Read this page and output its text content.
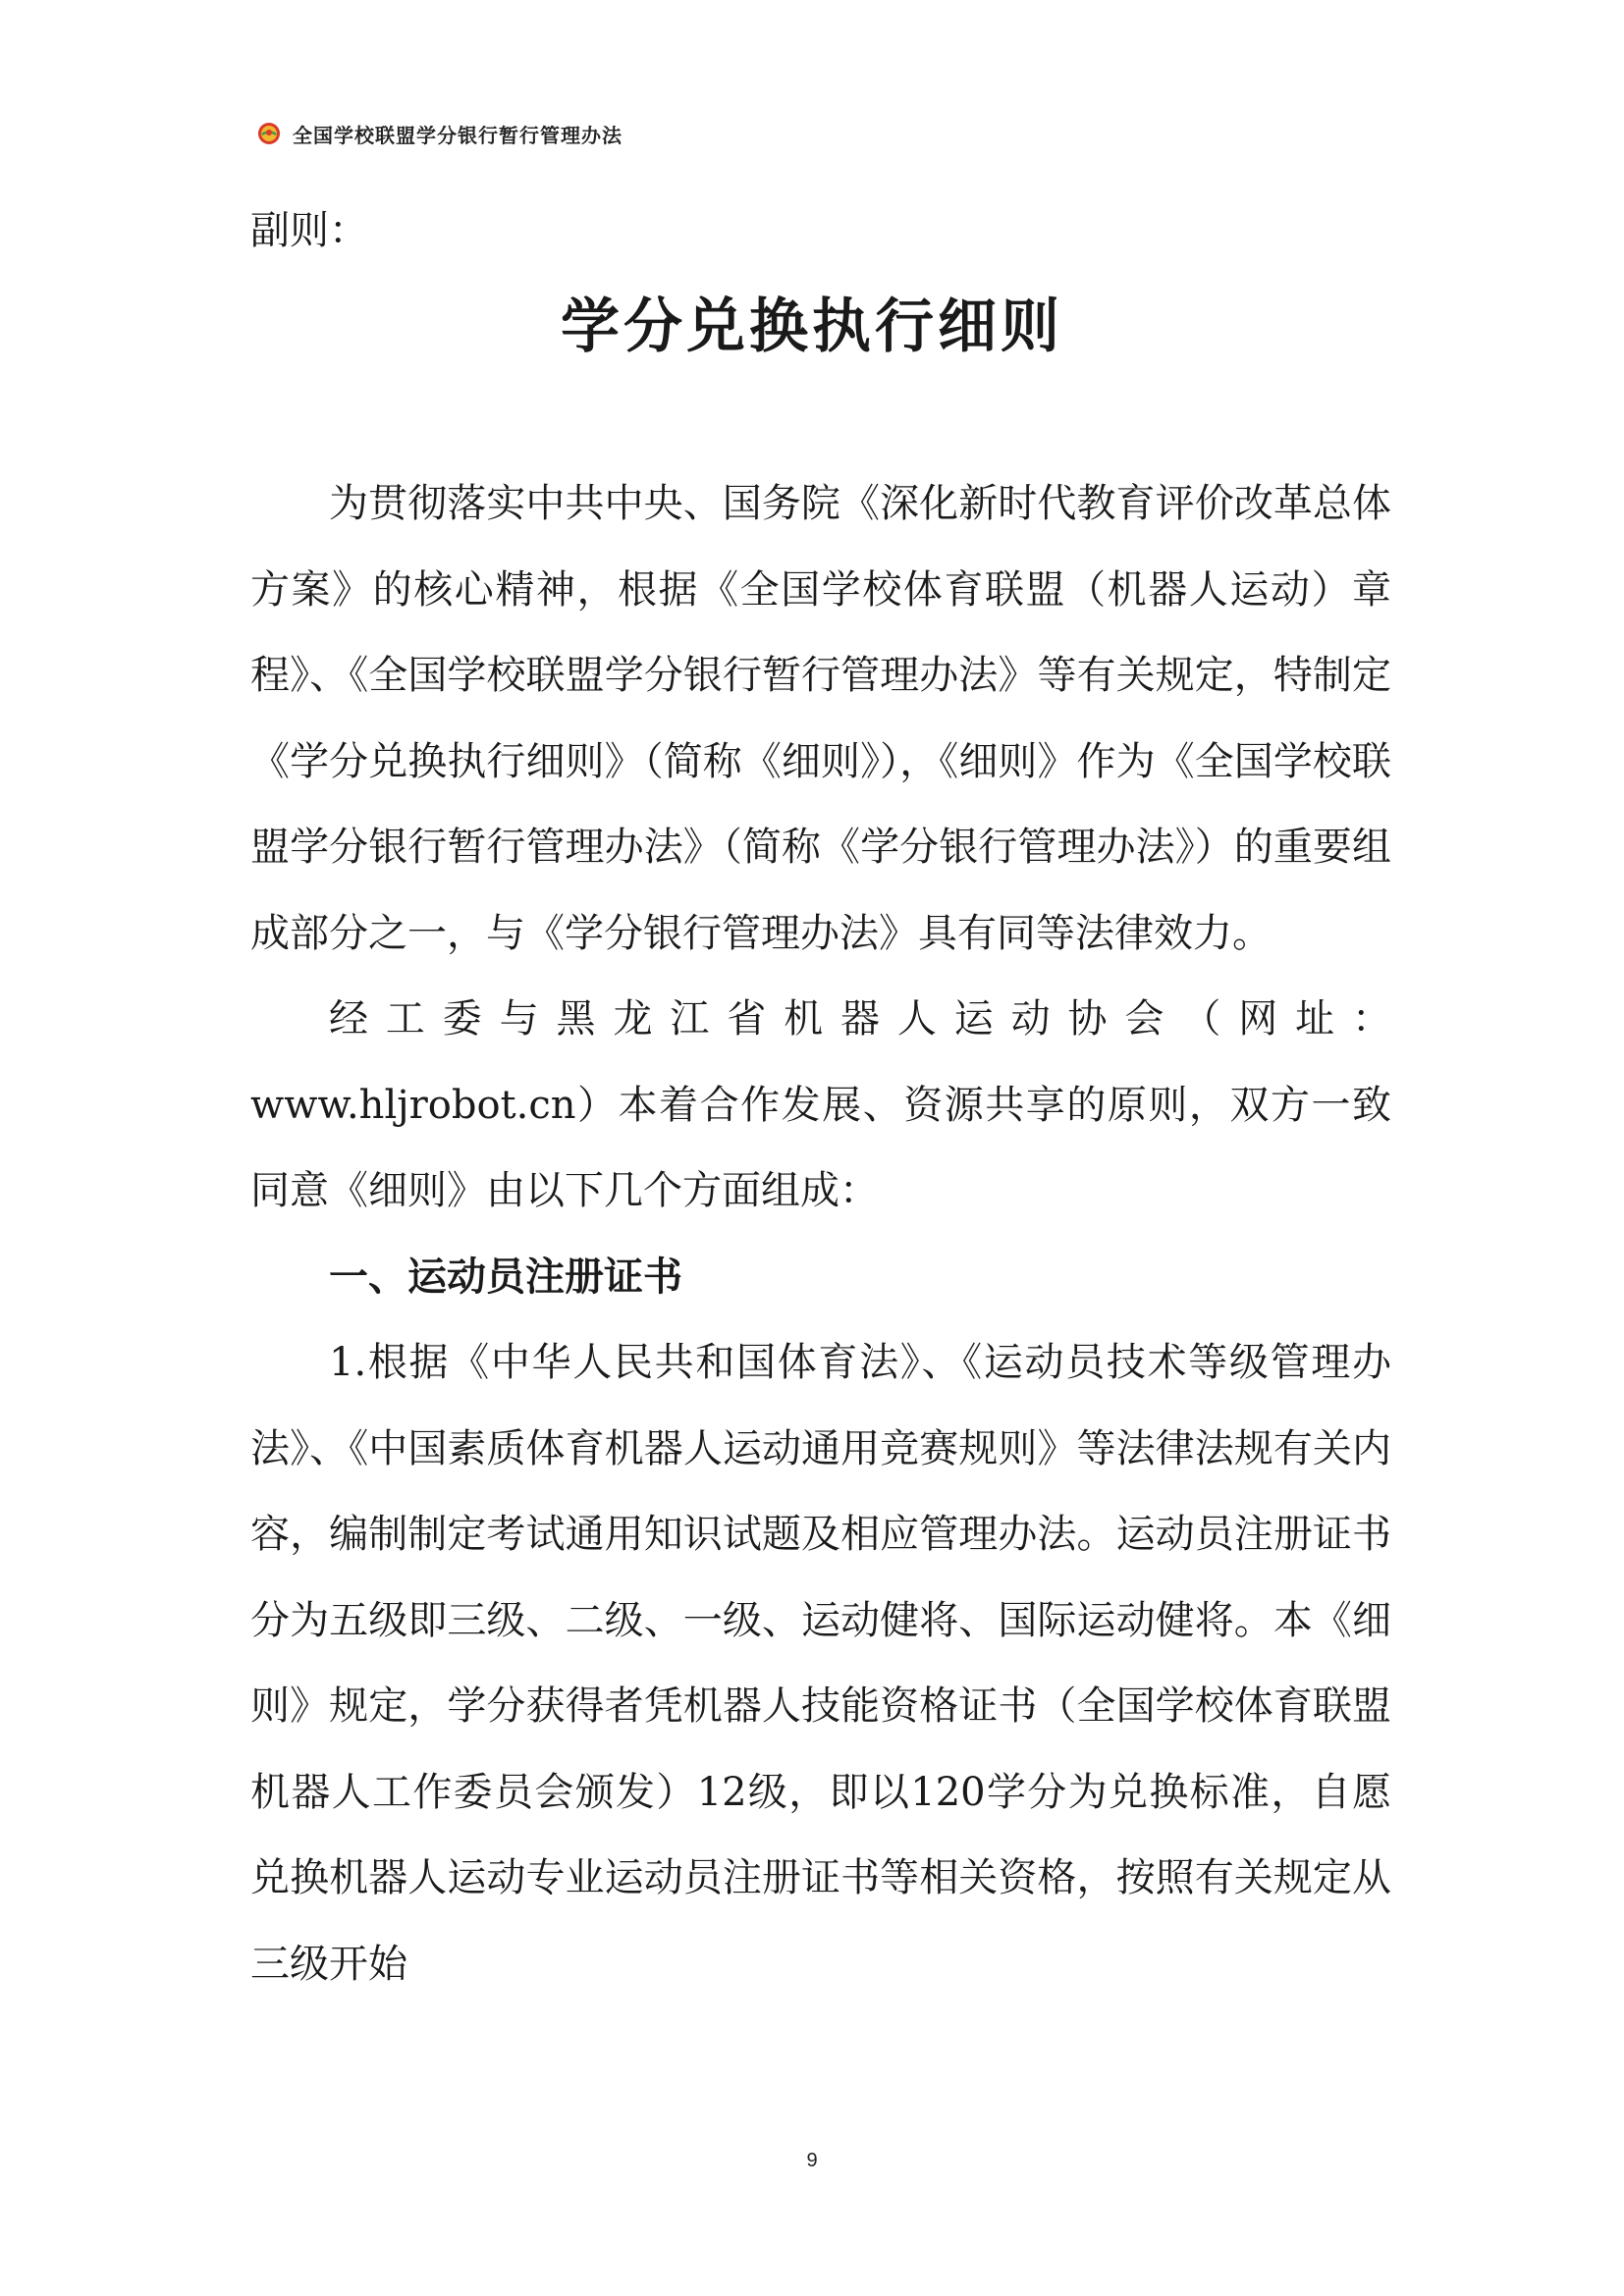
全国学校联盟学分银行暂行管理办法
副则：
学分兑换执行细则

为贯彻落实中共中央、国务院《深化新时代教育评价改革总体方案》的核心精神，根据《全国学校体育联盟（机器人运动）章程》、《全国学校联盟学分银行暂行管理办法》等有关规定，特制定《学分兑换执行细则》（简称《细则》），《细则》作为《全国学校联盟学分银行暂行管理办法》（简称《学分银行管理办法》）的重要组成部分之一，与《学分银行管理办法》具有同等法律效力。

经工委与黑龙江省机器人运动协会（网址：www.hljrobot.cn）本着合作发展、资源共享的原则，双方一致同意《细则》由以下几个方面组成：

一、运动员注册证书

1.根据《中华人民共和国体育法》、《运动员技术等级管理办法》、《中国素质体育机器人运动通用竞赛规则》等法律法规有关内容，编制制定考试通用知识试题及相应管理办法。运动员注册证书分为五级即三级、二级、一级、运动健将、国际运动健将。本《细则》规定，学分获得者凭机器人技能资格证书（全国学校体育联盟机器人工作委员会颁发）12级，即以120学分为兑换标准，自愿兑换机器人运动专业运动员注册证书等相关资格，按照有关规定从三级开始

9
